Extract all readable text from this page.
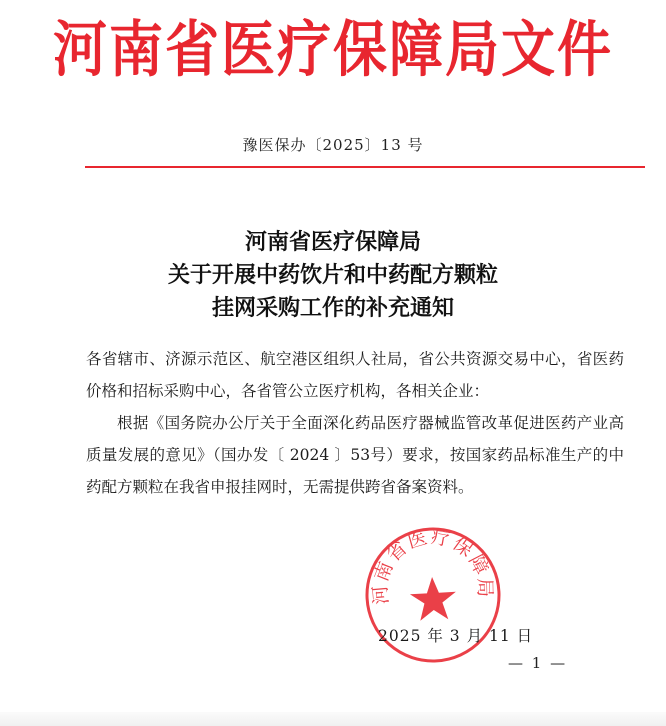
河南省医疗保障局文件
豫医保办〔2025〕13 号
河南省医疗保障局
关于开展中药饮片和中药配方颗粒
挂网采购工作的补充通知

各省辖市、济源示范区、航空港区组织人社局，省公共资源交易中心，省医药价格和招标采购中心，各省管公立医疗机构，各相关企业：

根据《国务院办公厅关于全面深化药品医疗器械监管改革促进医药产业高质量发展的意见》（国办发〔 2024 〕53号）要求，按国家药品标准生产的中药配方颗粒在我省申报挂网时，无需提供跨省备案资料。

河南省医疗保障局
2025 年 3 月 11 日
— 1 —
